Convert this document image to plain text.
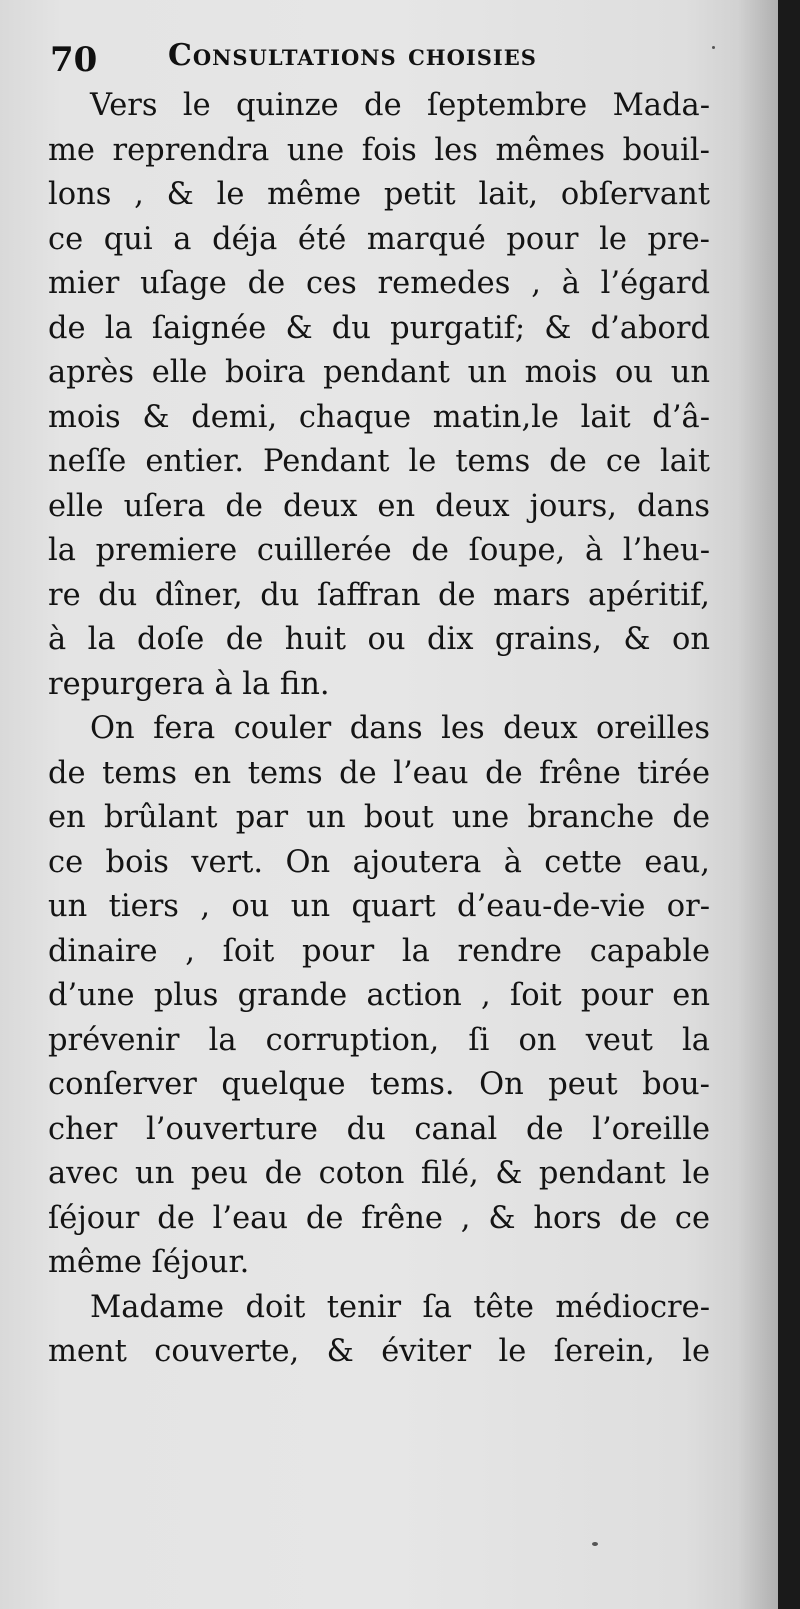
70 Consultations choisies
Vers le quinze de ſeptembre Mada-
me reprendra une fois les mêmes bouil-
lons , & le même petit lait, obſervant
ce qui a déja été marqué pour le pre-
mier uſage de ces remedes , à l’égard
de la ſaignée & du purgatif; & d’abord
après elle boira pendant un mois ou un
mois & demi, chaque matin,le lait d’â-
neſſe entier. Pendant le tems de ce lait
elle uſera de deux en deux jours, dans
la premiere cuillerée de ſoupe, à l’heu-
re du dîner, du ſaffran de mars apéritif,
à la doſe de huit ou dix grains, & on
repurgera à la fin.
On fera couler dans les deux oreilles
de tems en tems de l’eau de frêne tirée
en brûlant par un bout une branche de
ce bois vert. On ajoutera à cette eau,
un tiers , ou un quart d’eau-de-vie or-
dinaire , ſoit pour la rendre capable
d’une plus grande action , ſoit pour en
prévenir la corruption, ſi on veut la
conſerver quelque tems. On peut bou-
cher l’ouverture du canal de l’oreille
avec un peu de coton filé, & pendant le
ſéjour de l’eau de frêne , & hors de ce
même ſéjour.
Madame doit tenir ſa tête médiocre-
ment couverte, & éviter le ſerein, le
